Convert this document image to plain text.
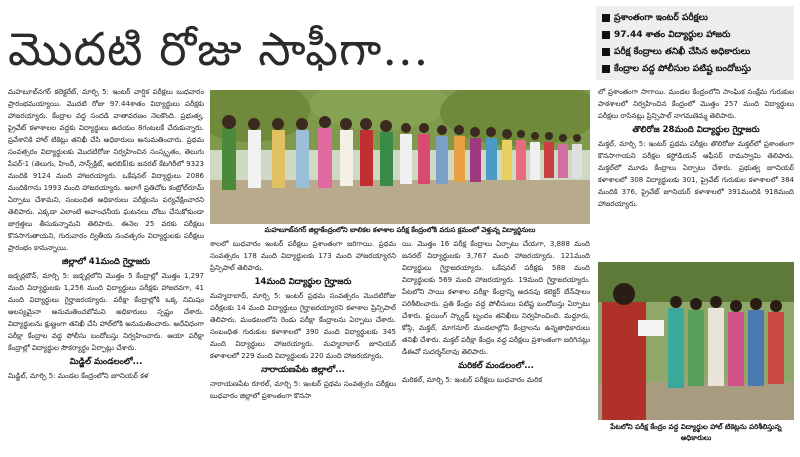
మొదటి రోజు సాఫీగా...
ప్రశాంతంగా ఇంటర్‌ పరీక్షలు
97.44 శాతం విద్యార్థుల హాజరు
పరీక్ష కేంద్రాలు తనిఖీ చేసిన అధికారులు
కేంద్రాల వద్ద పోలీసుల పటిష్ట బందోబస్తు

మహబూబ్‌నగర్‌ కలెక్టరేట్‌, మార్చి 5: ఇంటర్‌ వార్షిక పరీక్షలు బుధవారం ప్రారంభమయ్యాయి. మొదటి రోజు 97.44శాతం విద్యార్థులు పరీక్షకు హాజరయ్యారు. కేంద్రాల వద్ద సందడి వాతావరణం నెలకొంది. ప్రభుత్వ, ప్రైవేట్‌ కళాశాలల వద్దకు విద్యార్థులు ఉదయం 8గంటలకే చేరుకున్నారు. ప్రవేశానికి హాల్‌ టికెట్లు తనిఖీ చేసి అధికారులు అనుమతించారు. ప్రథమ సంవత్సరం విద్యార్థులకు మొదటిరోజు నిర్వహించిన సంస్కృతం, తెలుగు పేపర్‌-1 (తెలుగు, హిందీ, సాన్స్‌క్రిట్‌, అరబిక్‌)కు జనరల్‌ కేటగిరీలో 9323 మందికి 9124 మంది హాజరయ్యారు. ఒకేషనల్‌ విద్యార్థులు 2086 మందికిగాను 1993 మంది హాజరయ్యారు. అలాగే ప్రతిచోట కంట్రోల్‌రూమ్‌ ఏర్పాటు చేశామని, సంబంధిత అధికారులు పరీక్షలను పర్యవేక్షించారని తెలిపారు. ఎక్కడా ఎలాంటి అవాంఛనీయ ఘటనలు చోటు చేసుకోకుండా జాగ్రత్తలు తీసుకున్నామని తెలిపారు. ఈనెల 25 వరకు పరీక్షలు కొనసాగుతాయని, గురువారం ద్వితీయ సంవత్సరం విద్యార్థులకు పరీక్షలు ప్రారంభం కానున్నాయి.

జిల్లాలో 41మంది గైర్హాజరు

జడ్చర్లటౌన్‌, మార్చి 5: జడ్చర్లలోని మొత్తం 5 కేంద్రాల్లో మొత్తం 1,297 మంది విద్యార్థులకు 1,256 మంది విద్యార్థులు పరీక్షకు హాజరవగా, 41 మంది విద్యార్థులు గైర్హాజరయ్యారు. పరీక్షా కేంద్రాల్లోకి ఒక్క నిమిషం ఆలస్యమైనా అనుమతించబోమని అధికారులు స్పష్టం చేశారు. విద్యార్థులను క్షుణ్ణంగా తనిఖీ చేసి హాల్‌లోకి అనుమతించారు. అదేవిధంగా పరీక్షా కేంద్రాల వద్ద పోలీసు బందోబస్తు నిర్వహించారు. ఆయా పరీక్షా కేంద్రాల్లో విద్యార్థుల సౌకర్యార్థం ఏర్పాట్లు చేశారు.

మిడ్జిల్‌ మండలంలో...

మిడ్జిల్‌, మార్చి 5: మండల కేంద్రంలోని జూనియర్‌ కళ

మహబూబ్‌నగర్‌ జిల్లాకేంద్రంలోని బాలికల కళాశాల పరీక్ష కేంద్రంలోకి వరుస క్రమంలో వెళ్తున్న విద్యార్థినులు

శాలలో బుధవారం ఇంటర్‌ పరీక్షలు ప్రశాంతంగా జరిగాయి. ప్రథమ సంవత్సరం 178 మంది విద్యార్థులకు 173 మంది హాజరయ్యారని ప్రిన్సిపాల్‌ తెలిపారు.

14మంది విద్యార్థుల గైర్హాజరు

మహ్మదాబాద్‌, మార్చి 5: ఇంటర్‌ ప్రథమ సంవత్సరం మొదటిరోజు పరీక్షలకు 14 మంది విద్యార్థులు గైర్హాజరయ్యారని కళాశాల ప్రిన్సిపాల్‌ తెలిపారు. మండలంలోని రెండు పరీక్షా కేంద్రాలను ఏర్పాటు చేశారు. సంబంధిత గురుకుల కళాశాలలో 390 మంది విద్యార్థులకు 345 మంది విద్యార్థులు హాజరయ్యారు. మహ్మదాబాద్‌ జూనియర్‌ కళాశాలలో 229 మంది విద్యార్థులకు 220 మంది హాజరయ్యారు.

నారాయణపేట జిల్లాలో...

నారాయణపేట రూరల్‌, మార్చి 5: ఇంటర్‌ ప్రథమ సంవత్సరం పరీక్షలు బుధవారం జిల్లాలో ప్రశాంతంగా కొనసా

యి. మొత్తం 16 పరీక్ష కేంద్రాలు ఏర్పాటు చేయగా, 3,888 మంది జనరల్‌ విద్యార్థులకు 3,767 మంది హాజరయ్యారు. 121మంది విద్యార్థులు గైర్హాజరయ్యారు. ఒకేషనల్‌ పరీక్షకు 588 మంది విద్యార్థులకు 569 మంది హాజరయ్యారు. 19మంది గైర్హాజరయ్యారు. పేటలోని సాయి కళాశాల పరీక్షా కేంద్రాన్ని అదనపు కలెక్టర్‌ బేన్‌షాలం పరిశీలించారు. ప్రతి కేంద్రం వద్ద పోలీసులు పటిష్ట బందోబస్తు ఏర్పాటు చేశారు. ఫ్లయింగ్‌ స్క్వాడ్‌ బృందం తనిఖీలు నిర్వహించింది. మద్దూరు, కోస్గి, మక్తల్‌, మాగనూర్‌ మండలాల్లోని కేంద్రాలను ఉన్నతాధికారులు తనిఖీ చేశారు. మక్తల్‌ పరీక్షా కేంద్రం వద్ద పరీక్షలు ప్రశాంతంగా జరిగినట్లు డీఈవో సుదర్శన్‌రావు తెలిపారు.

మరికల్‌ మండలంలో...

మరికల్‌, మార్చి 5: ఇంటర్‌ పరీక్షలు బుధవారం మరిక

లో ప్రశాంతంగా సాగాయి. మండల కేంద్రంలోని సాంఘిక సంక్షేమ గురుకుల పాఠశాలలో నిర్వహించిన కేంద్రంలో మొత్తం 257 మంది విద్యార్థులు పరీక్షలు రాసినట్లు ప్రిన్సిపాల్‌ నాగమణెమ్మ తెలిపారు.

తొలిరోజ 28మంది విద్యార్థుల గైర్హాజరు

మక్తల్‌, మార్చి 5: ఇంటర్‌ ప్రథమ పరీక్షల తొలిరోజు మక్తల్‌లో ప్రశాంతంగా కొనసాగాయని పరీక్షల కస్టోడియన్‌ ఆఫీసర్‌ రామస్వామి తెలిపారు. మక్తల్‌లో మూడు కేంద్రాలు ఏర్పాటు చేశారు. ప్రభుత్వ జూనియర్‌ కళాశాలలో 308 విద్యార్థులకు 301, ప్రైవేట్‌ గురుకుల కళాశాలలో 384 మందికి 376, ప్రైవేట్‌ జూనియర్‌ కళాశాలలో 391మందికి 918మంది హాజరయ్యారు.

పేటలోని పరీక్ష కేంద్రం వద్ద విద్యార్థుల హాల్‌ టికెట్లను పరిశీలిస్తున్న అధికారులు
